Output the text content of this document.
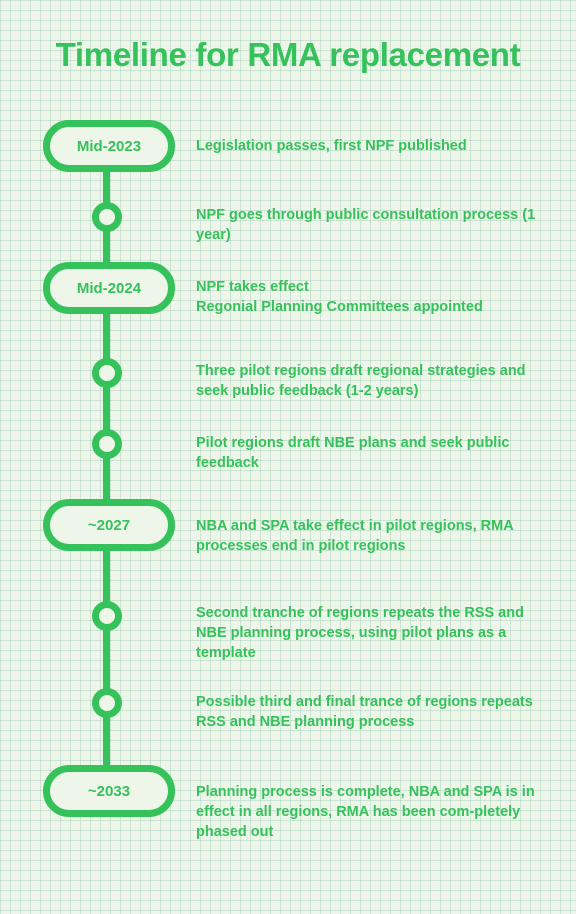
Timeline for RMA replacement
Mid-2023	Legislation passes, first NPF published
NPF goes through public consultation process (1 year)
Mid-2024	NPF takes effect
Regonial Planning Committees appointed
Three pilot regions draft regional strategies and seek public feedback (1-2 years)
Pilot regions draft NBE plans and seek public feedback
~2027	NBA and SPA take effect in pilot regions, RMA processes end in pilot regions
Second tranche of regions repeats the RSS and NBE planning process, using pilot plans as a template
Possible third and final trance of regions repeats RSS and NBE planning process
~2033	Planning process is complete, NBA and SPA is in effect in all regions, RMA has been com-pletely phased out
